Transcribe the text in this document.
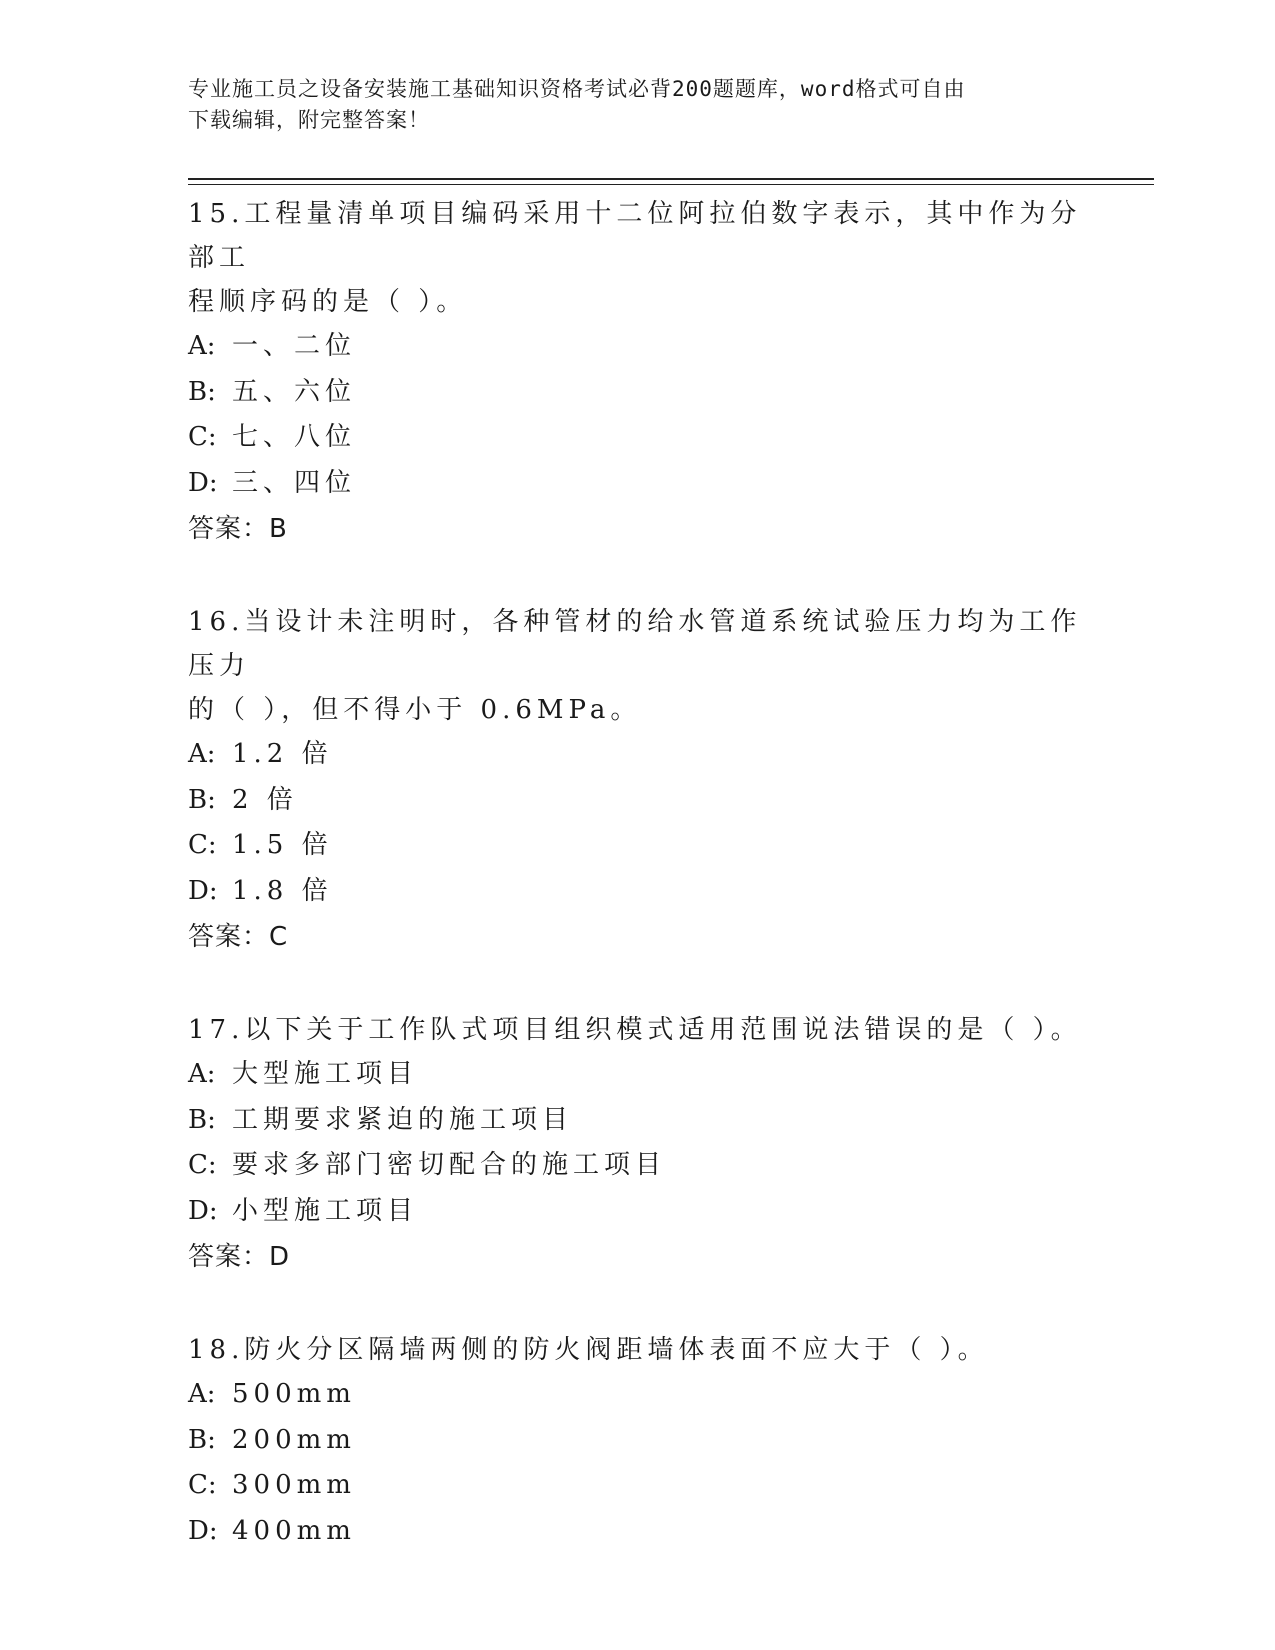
专业施工员之设备安装施工基础知识资格考试必背200题题库，word格式可自由
下载编辑，附完整答案！

15.工程量清单项目编码采用十二位阿拉伯数字表示，其中作为分部工

程顺序码的是（ ）。

A: 一、二位

B: 五、六位

C: 七、八位

D: 三、四位

答案：B

16.当设计未注明时，各种管材的给水管道系统试验压力均为工作压力

的（ ），但不得小于 0.6MPa。

A: 1.2 倍

B: 2 倍

C: 1.5 倍

D: 1.8 倍

答案：C

17.以下关于工作队式项目组织模式适用范围说法错误的是（ ）。

A: 大型施工项目

B: 工期要求紧迫的施工项目

C: 要求多部门密切配合的施工项目

D: 小型施工项目

答案：D

18.防火分区隔墙两侧的防火阀距墙体表面不应大于（ ）。

A: 500mm

B: 200mm

C: 300mm

D: 400mm
